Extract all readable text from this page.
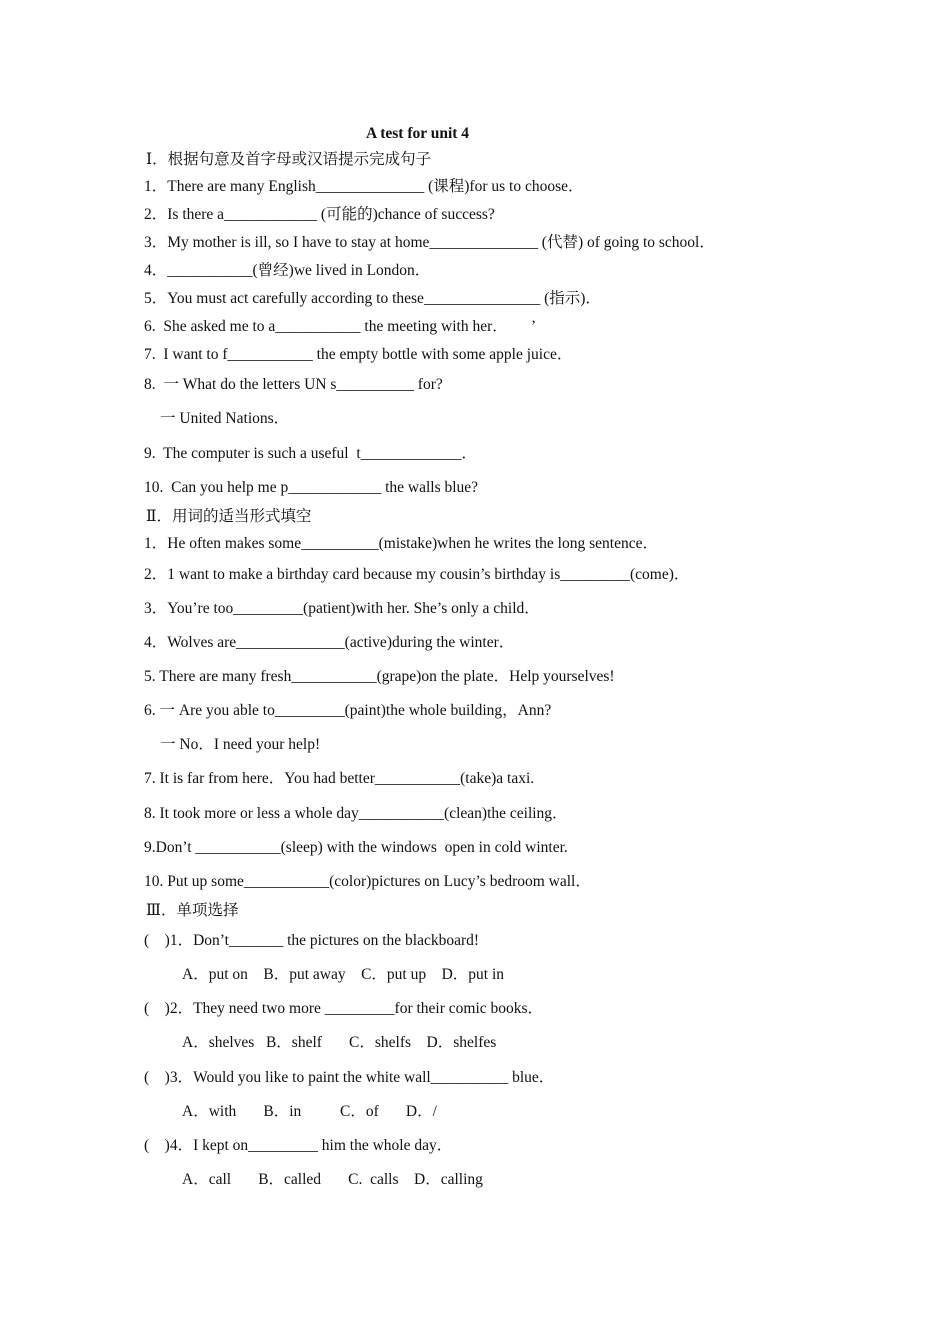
A test for unit 4
Ⅰ．根据句意及首字母或汉语提示完成句子
1．There are many English______________ (课程)for us to choose．
2．Is there a____________ (可能的)chance of success?
3．My mother is ill, so I have to stay at home______________ (代替) of going to school．
4．___________(曾经)we lived in London．
5．You must act carefully according to these_______________ (指示)．
6.  She asked me to a___________ the meeting with her．      ’
7.  I want to f___________ the empty bottle with some apple juice．
8.  一 What do the letters UN s__________ for?
一 United Nations．
9.  The computer is such a useful  t_____________．
10.  Can you help me p____________ the walls blue?
Ⅱ．用词的适当形式填空
1．He often makes some__________(mistake)when he writes the long sentence．
2．1 want to make a birthday card because my cousin’s birthday is_________(come)．
3．You’re too_________(patient)with her. She’s only a child．
4．Wolves are______________(active)during the winter．
5. There are many fresh___________(grape)on the plate．Help yourselves!
6. 一 Are you able to_________(paint)the whole building，Ann?
一 No．I need your help!
7. It is far from here．You had better___________(take)a taxi.
8. It took more or less a whole day___________(clean)the ceiling．
9.Don’t ___________(sleep) with the windows  open in cold winter.
10. Put up some___________(color)pictures on Lucy’s bedroom wall．
Ⅲ．单项选择
(    )1．Don’t_______ the pictures on the blackboard!
A．put on    B．put away    C．put up    D．put in
(    )2．They need two more _________for their comic books．
A．shelves   B．shelf       C．shelfs    D．shelfes
(    )3．Would you like to paint the white wall__________ blue．
A．with       B．in          C．of       D．/
(    )4．I kept on_________ him the whole day．
A．call       B．called       C.  calls    D．calling
